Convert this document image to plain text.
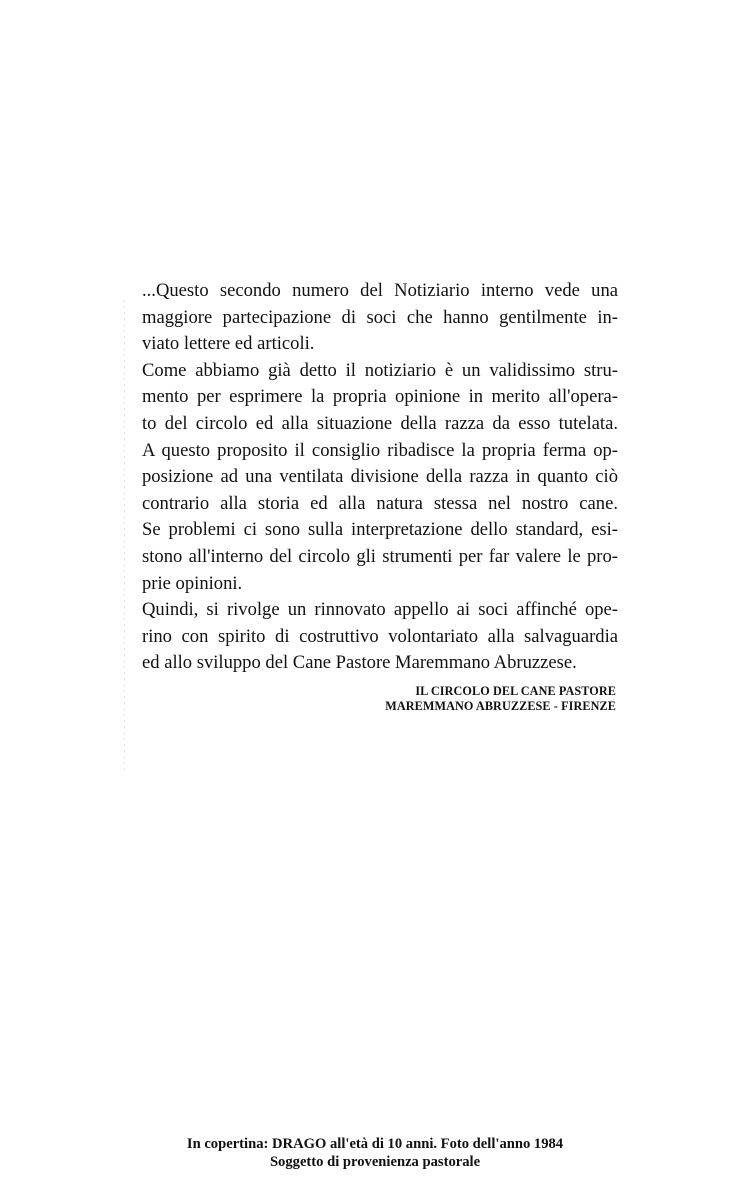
...Questo secondo numero del Notiziario interno vede una
maggiore partecipazione di soci che hanno gentilmente in-
viato lettere ed articoli.
Come abbiamo già detto il notiziario è un validissimo stru-
mento per esprimere la propria opinione in merito all'opera-
to del circolo ed alla situazione della razza da esso tutelata.
A questo proposito il consiglio ribadisce la propria ferma op-
posizione ad una ventilata divisione della razza in quanto ciò
contrario alla storia ed alla natura stessa nel nostro cane.
Se problemi ci sono sulla interpretazione dello standard, esi-
stono all'interno del circolo gli strumenti per far valere le pro-
prie opinioni.
Quindi, si rivolge un rinnovato appello ai soci affinché ope-
rino con spirito di costruttivo volontariato alla salvaguardia
ed allo sviluppo del Cane Pastore Maremmano Abruzzese.
IL CIRCOLO DEL CANE PASTORE
MAREMMANO ABRUZZESE - FIRENZE
In copertina: DRAGO all'età di 10 anni. Foto dell'anno 1984
Soggetto di provenienza pastorale
